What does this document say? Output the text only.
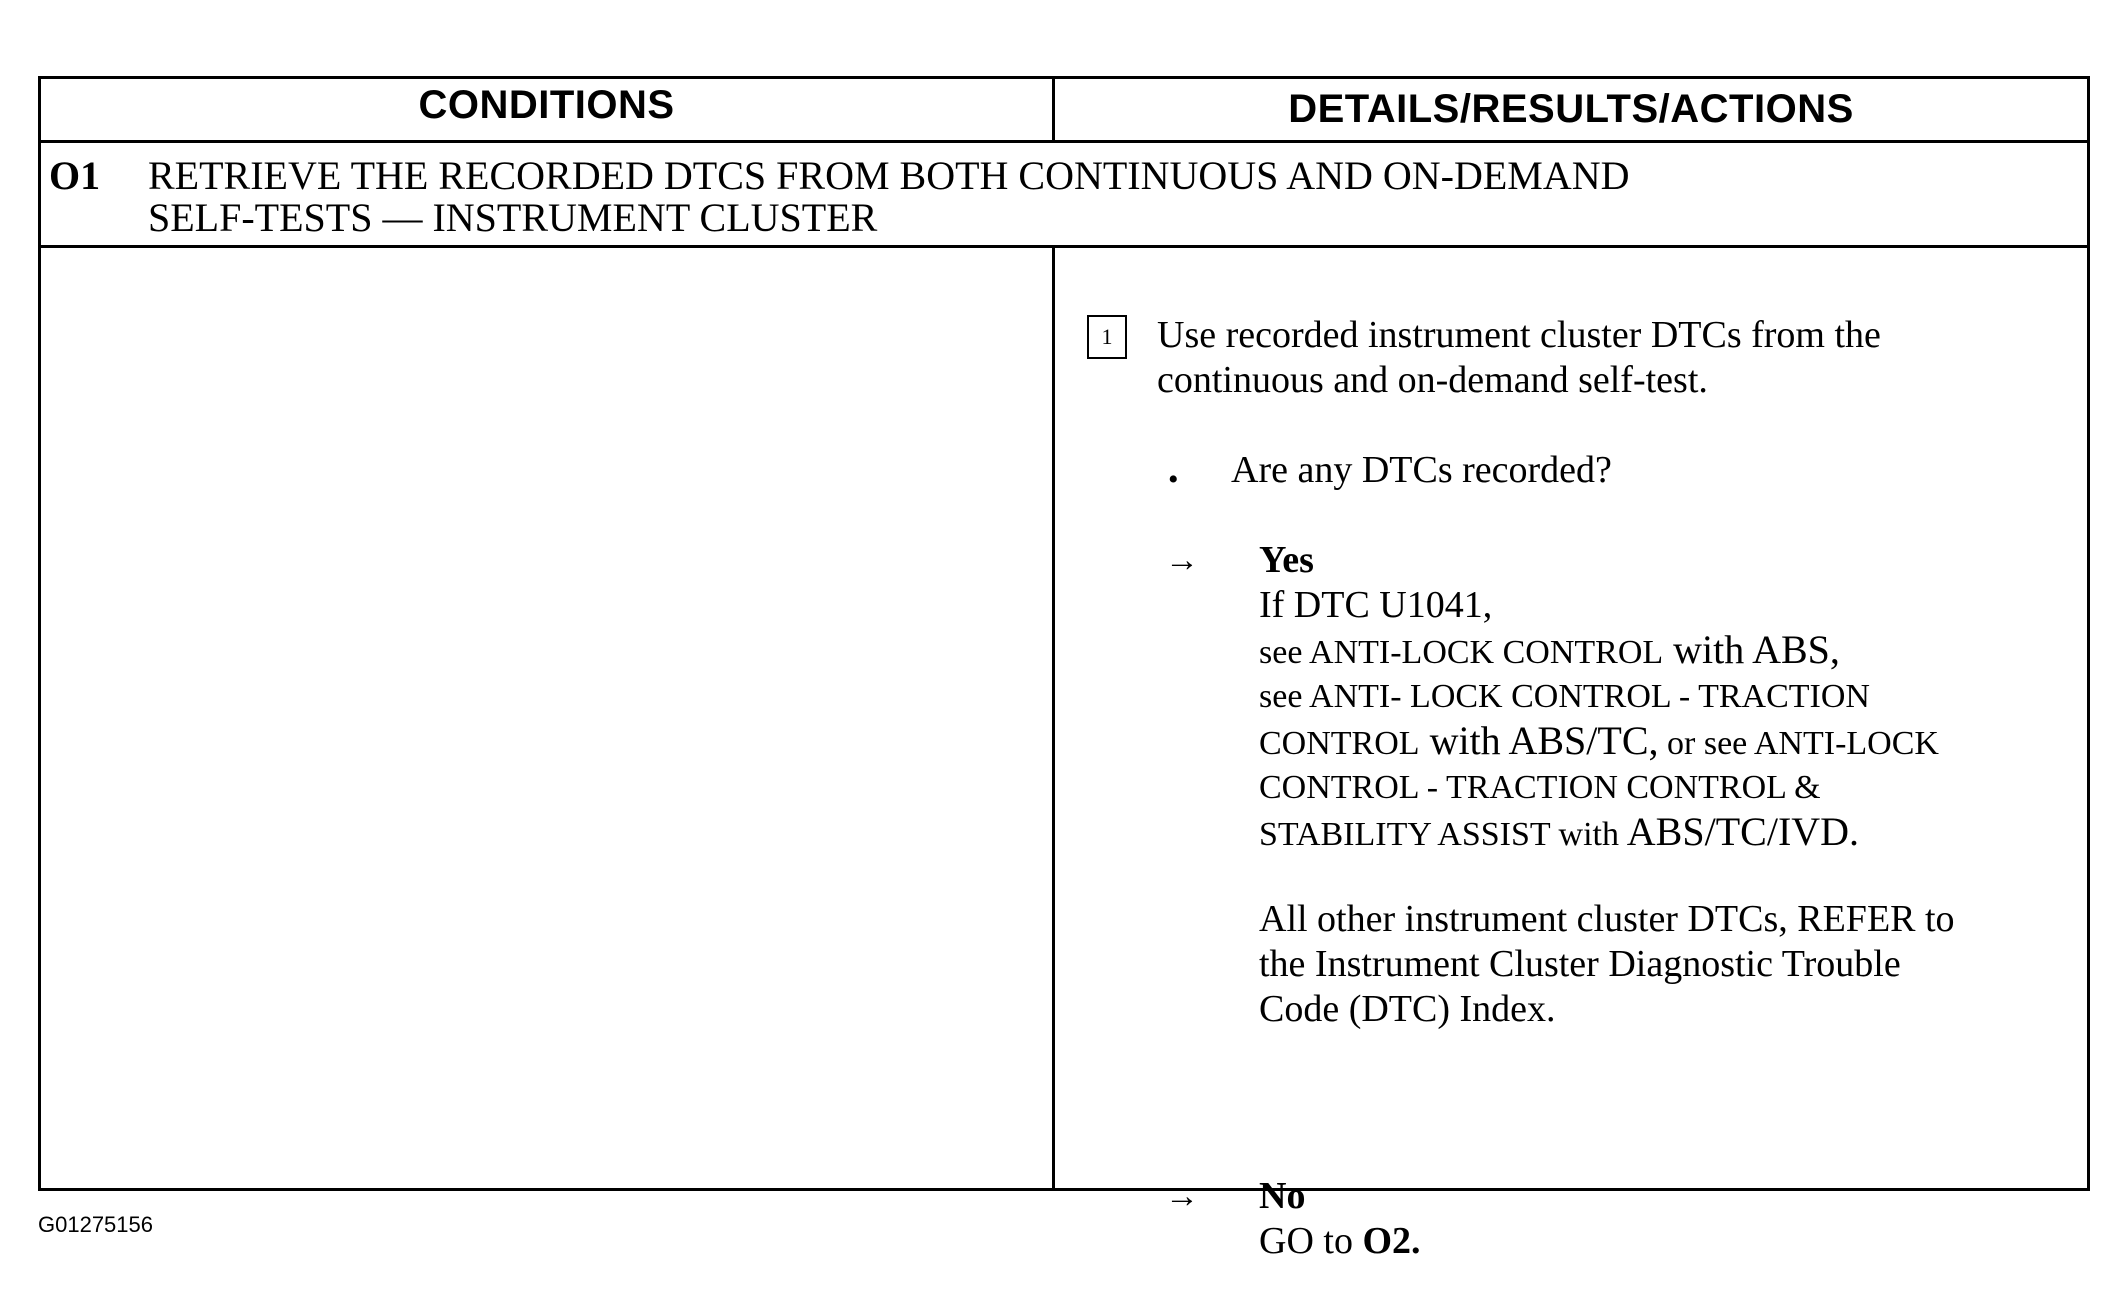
CONDITIONS	DETAILS/RESULTS/ACTIONS
O1 RETRIEVE THE RECORDED DTCS FROM BOTH CONTINUOUS AND ON-DEMAND
SELF-TESTS — INSTRUMENT CLUSTER
1	Use recorded instrument cluster DTCs from the
continuous and on-demand self-test.
• Are any DTCs recorded?
→ Yes
If DTC U1041,
see ANTI-LOCK CONTROL with ABS,
see ANTI- LOCK CONTROL - TRACTION
CONTROL with ABS/TC, or see ANTI-LOCK
CONTROL - TRACTION CONTROL &
STABILITY ASSIST with ABS/TC/IVD.
All other instrument cluster DTCs, REFER to
the Instrument Cluster Diagnostic Trouble
Code (DTC) Index.
→ No
GO to O2.
G01275156
